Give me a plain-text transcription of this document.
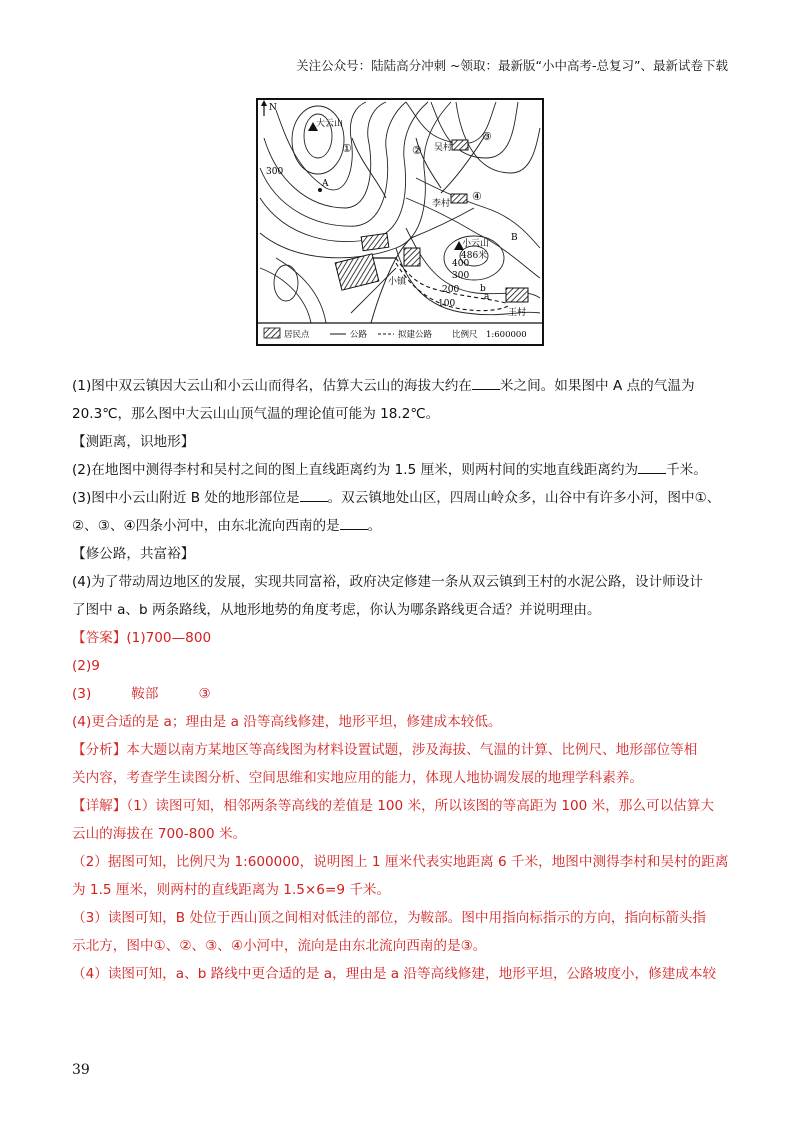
关注公众号：陆陆高分冲刺 ~领取：最新版“小中高考-总复习”、最新试卷下载
N
大云山
小云山
486米
吴村
李村
王村
小镇
A
B
a
b
300
400
300
200
100
①	②
③
④
居民点	公路	拟建公路 比例尺　1:600000

(1)图中双云镇因大云山和小云山而得名，估算大云山的海拔大约在 米之间。如果图中 A 点的气温为

20.3℃，那么图中大云山山顶气温的理论值可能为 18.2℃。

【测距离，识地形】

(2)在地图中测得李村和吴村之间的图上直线距离约为 1.5 厘米，则两村间的实地直线距离约为 千米。

(3)图中小云山附近 B 处的地形部位是 。双云镇地处山区，四周山岭众多，山谷中有许多小河，图中①、

②、③、④四条小河中，由东北流向西南的是 。

【修公路，共富裕】

(4)为了带动周边地区的发展，实现共同富裕，政府决定修建一条从双云镇到王村的水泥公路，设计师设计

了图中 a、b 两条路线，从地形地势的角度考虑，你认为哪条路线更合适？并说明理由。

【答案】(1)700—800

(2)9

(3)	鞍部	③

(4)更合适的是 a；理由是 a 沿等高线修建，地形平坦，修建成本较低。

【分析】本大题以南方某地区等高线图为材料设置试题，涉及海拔、气温的计算、比例尺、地形部位等相

关内容，考查学生读图分析、空间思维和实地应用的能力，体现人地协调发展的地理学科素养。

【详解】（1）读图可知，相邻两条等高线的差值是 100 米，所以该图的等高距为 100 米，那么可以估算大

云山的海拔在 700-800 米。

（2）据图可知，比例尺为 1:600000，说明图上 1 厘米代表实地距离 6 千米，地图中测得李村和吴村的距离

为 1.5 厘米，则两村的直线距离为 1.5×6=9 千米。

（3）读图可知，B 处位于西山顶之间相对低洼的部位，为鞍部。图中用指向标指示的方向，指向标箭头指

示北方，图中①、②、③、④小河中，流向是由东北流向西南的是③。

（4）读图可知，a、b 路线中更合适的是 a，理由是 a 沿等高线修建，地形平坦，公路坡度小，修建成本较

39
